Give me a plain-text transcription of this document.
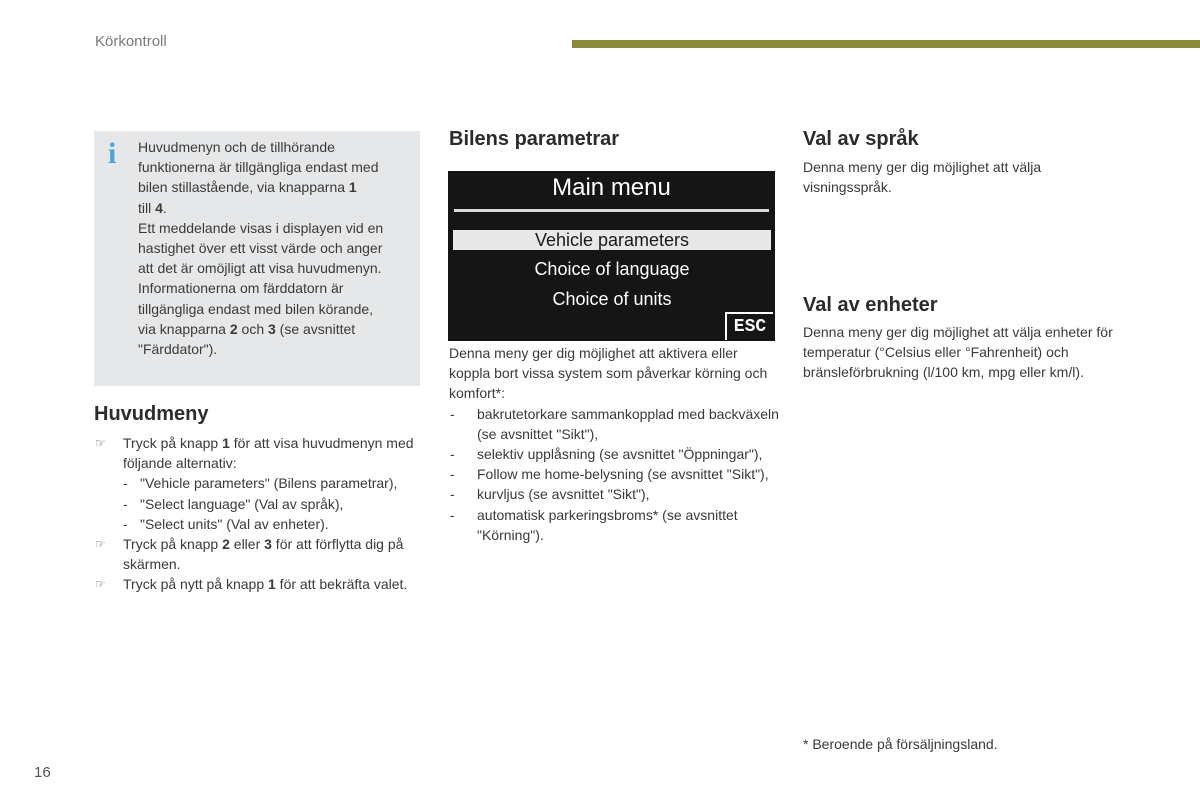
Körkontroll
i Huvudmenyn och de tillhörande

funktionerna är tillgängliga endast med

bilen stillastående, via knapparna 1

till 4.

Ett meddelande visas i displayen vid en

hastighet över ett visst värde och anger

att det är omöjligt att visa huvudmenyn.

Informationerna om färddatorn är

tillgängliga endast med bilen körande,

via knapparna 2 och 3 (se avsnittet

"Färddator").

Huvudmeny
☞ Tryck på knapp 1 för att visa huvudmenyn med följande alternativ:
- "Vehicle parameters" (Bilens parametrar),
- "Select language" (Val av språk),
- "Select units" (Val av enheter).
☞ Tryck på knapp 2 eller 3 för att förflytta dig på skärmen.
☞ Tryck på nytt på knapp 1 för att bekräfta valet.
Bilens parametrar
Main menu
Vehicle parameters
Choice of language
Choice of units
ESC
Denna meny ger dig möjlighet att aktivera eller koppla bort vissa system som påverkar körning och komfort*:
- bakrutetorkare sammankopplad med backväxeln (se avsnittet "Sikt"),
- selektiv upplåsning (se avsnittet "Öppningar"),
- Follow me home-belysning (se avsnittet "Sikt"),
- kurvljus (se avsnittet "Sikt"),
- automatisk parkeringsbroms* (se avsnittet "Körning").
Val av språk
Denna meny ger dig möjlighet att välja visningsspråk.
Val av enheter
Denna meny ger dig möjlighet att välja enheter för temperatur (°Celsius eller °Fahrenheit) och bränsleförbrukning (l/100 km, mpg eller km/l).
* Beroende på försäljningsland.
16
